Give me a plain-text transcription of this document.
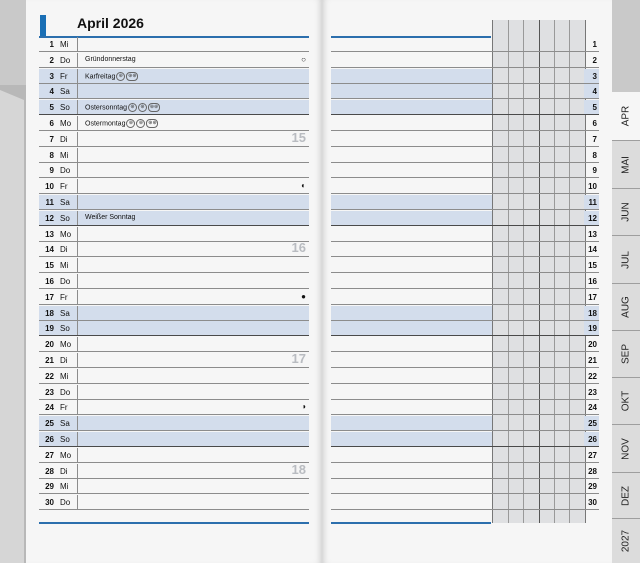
April 2026
1 Mi
2 Do Gründonnerstag	○
3 Fr Karfreitag ⊕ ⊕⊕
4 Sa
5 So Ostersonntag ⊕ ⊕ ⊕⊕
6 Mo Ostermontag ⊕ ⊕ ⊕⊕
15
7 Di
8 Mi
9 Do
10 Fr	◐
11 Sa
12 So Weißer Sonntag
13 Mo
16
14 Di
15 Mi
16 Do
17 Fr	●
18 Sa
19 So
20 Mo
17
21 Di
22 Mi
23 Do
24 Fr	◑
25 Sa
26 So
27 Mo
18
28 Di
29 Mi
30 Do
1
2
3
4
5
6
7
8
9
10
11
12
13
14
15
16
17
18
19
20
21
22
23
24
25
26
27
28
29
30
APR
MAI
JUN
JUL
AUG
SEP
OKT
NOV
DEZ
2027
